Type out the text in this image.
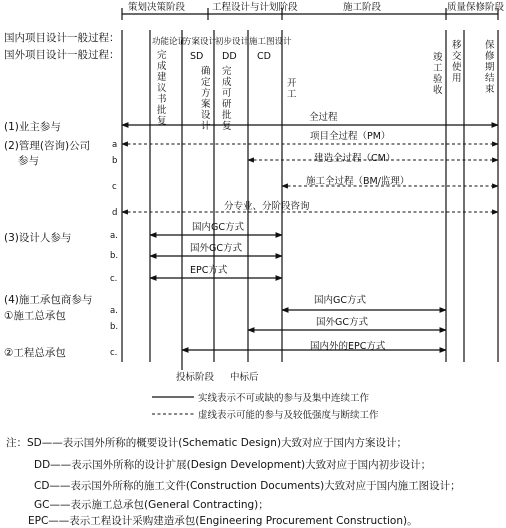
策划决策阶段	工程设计与计划阶段	施工阶段	质量保修阶段
功能论证
方案设计
初步设计 施工图设计
SD DD CD
国内项目设计一般过程：
国外项目设计一般过程：	完成建议书批复
确定方案设计
完成可研批复
开工
竣工验收
移交使用
保修期结束
(1)业主参与
(2)管理(咨询)公司
参与
(3)设计人参与
(4)施工承包商参与
①施工总承包
②工程总承包
a
b
c
d
a.
b.
c.
a.
b.
c.
全过程
项目全过程（PM）
建造全过程（CM）
施工全过程（BM/监理）
分专业、分阶段咨询
国内GC方式
国外GC方式
EPC方式
国内GC方式
国外GC方式
国内外的EPC方式
投标阶段 中标后
实线表示不可或缺的参与及集中连续工作
虚线表示可能的参与及较低强度与断续工作
注：SD——表示国外所称的概要设计(Schematic Design)大致对应于国内方案设计；
DD——表示国外所称的设计扩展(Design Development)大致对应于国内初步设计；
CD——表示国外所称的施工文件(Construction Documents)大致对应于国内施工图设计；
GC——表示施工总承包(General Contracting)；
EPC——表示工程设计采购建造承包(Engineering Procurement Construction)。
